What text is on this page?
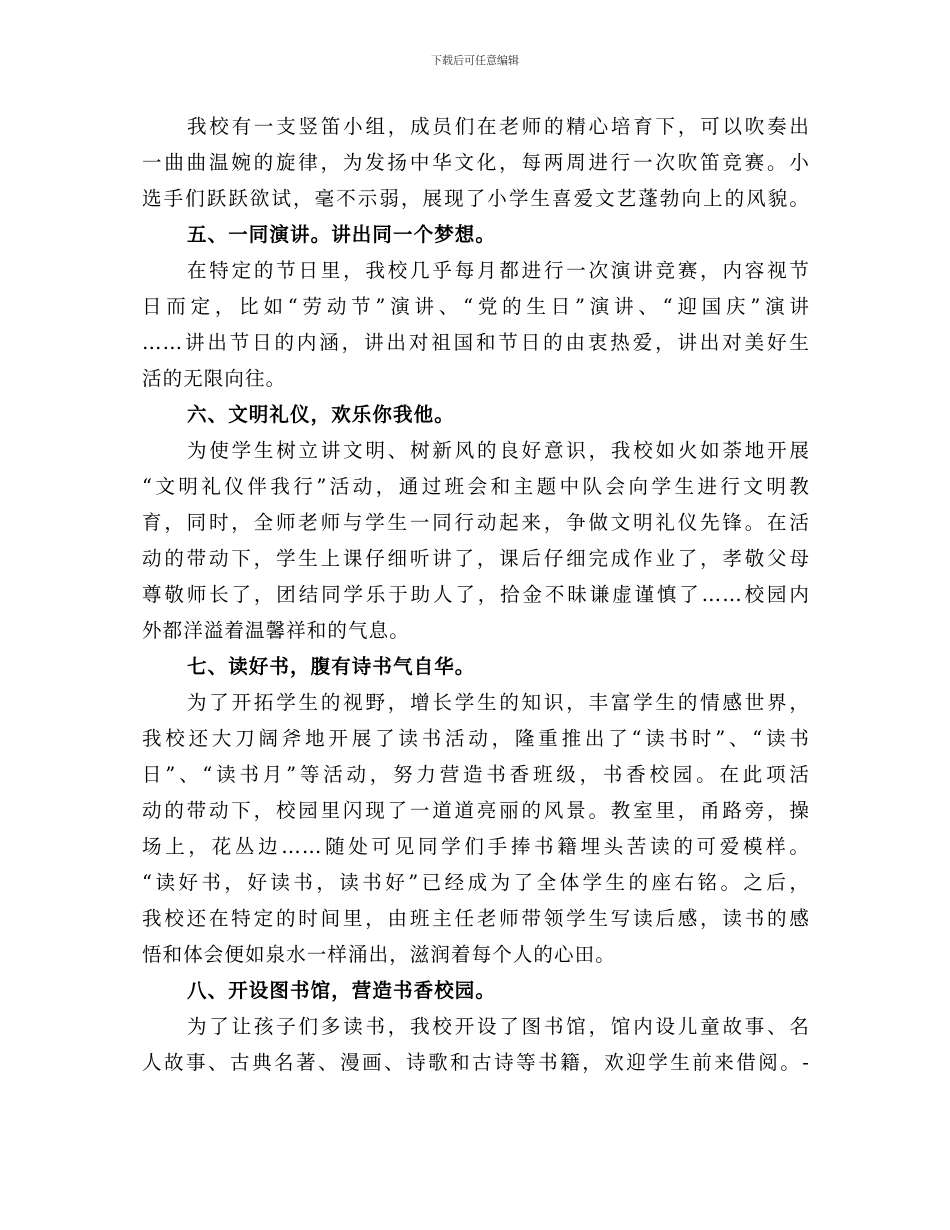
下载后可任意编辑
我校有一支竖笛小组，成员们在老师的精心培育下，可以吹奏出
一曲曲温婉的旋律，为发扬中华文化，每两周进行一次吹笛竞赛。小
选手们跃跃欲试，毫不示弱，展现了小学生喜爱文艺蓬勃向上的风貌。
五、一同演讲。讲出同一个梦想。
在特定的节日里，我校几乎每月都进行一次演讲竞赛，内容视节
日而定，比如“劳动节”演讲、“党的生日”演讲、“迎国庆”演讲
……讲出节日的内涵，讲出对祖国和节日的由衷热爱，讲出对美好生
活的无限向往。
六、文明礼仪，欢乐你我他。
为使学生树立讲文明、树新风的良好意识，我校如火如荼地开展
“文明礼仪伴我行”活动，通过班会和主题中队会向学生进行文明教
育，同时，全师老师与学生一同行动起来，争做文明礼仪先锋。在活
动的带动下，学生上课仔细听讲了，课后仔细完成作业了，孝敬父母
尊敬师长了，团结同学乐于助人了，拾金不昧谦虚谨慎了……校园内
外都洋溢着温馨祥和的气息。
七、读好书，腹有诗书气自华。
为了开拓学生的视野，增长学生的知识，丰富学生的情感世界，
我校还大刀阔斧地开展了读书活动，隆重推出了“读书时”、“读书
日”、“读书月”等活动，努力营造书香班级，书香校园。在此项活
动的带动下，校园里闪现了一道道亮丽的风景。教室里，甬路旁，操
场上，花丛边……随处可见同学们手捧书籍埋头苦读的可爱模样。
“读好书，好读书，读书好”已经成为了全体学生的座右铭。之后，
我校还在特定的时间里，由班主任老师带领学生写读后感，读书的感
悟和体会便如泉水一样涌出，滋润着每个人的心田。
八、开设图书馆，营造书香校园。
为了让孩子们多读书，我校开设了图书馆，馆内设儿童故事、名
人故事、古典名著、漫画、诗歌和古诗等书籍，欢迎学生前来借阅。-
